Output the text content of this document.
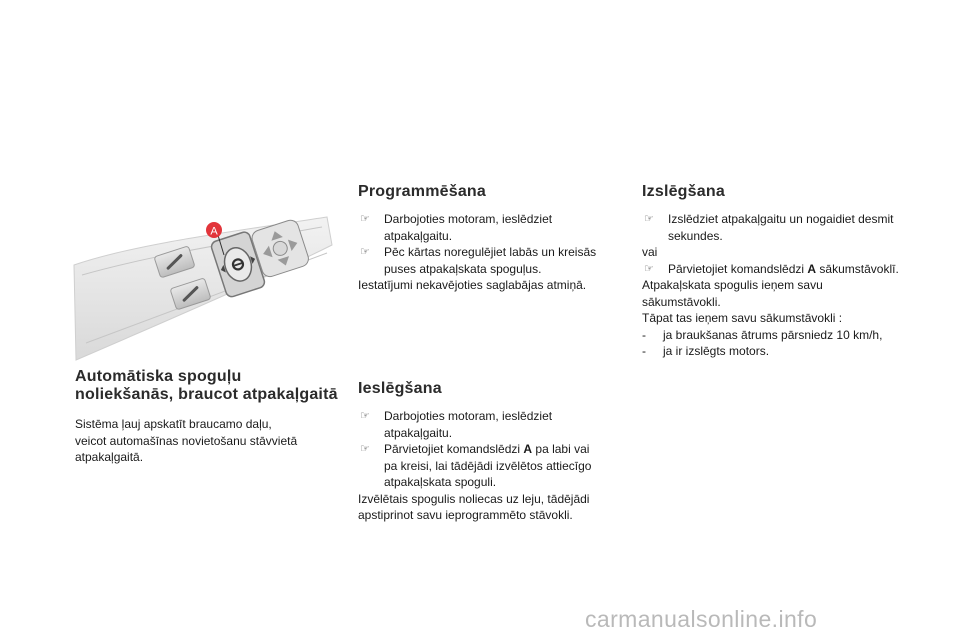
A
Automātiska spoguļu
noliekšanās, braucot atpakaļgaitā

Sistēma ļauj apskatīt braucamo daļu,
veicot automašīnas novietošanu stāvvietā
atpakaļgaitā.

Programmēšana
☞ Darbojoties motoram, ieslēdziet
atpakaļgaitu.
☞ Pēc kārtas noregulējiet labās un kreisās
puses atpakaļskata spoguļus.

Iestatījumi nekavējoties saglabājas atmiņā.

Ieslēgšana
☞ Darbojoties motoram, ieslēdziet
atpakaļgaitu.
☞ Pārvietojiet komandslēdzi A pa labi vai
pa kreisi, lai tādējādi izvēlētos attiecīgo
atpakaļskata spoguli.

Izvēlētais spogulis noliecas uz leju, tādējādi
apstiprinot savu ieprogrammēto stāvokli.

Izslēgšana
☞ Izslēdziet atpakaļgaitu un nogaidiet desmit
sekundes.

vai

☞ Pārvietojiet komandslēdzi A sākumstāvoklī.

Atpakaļskata spogulis ieņem savu
sākumstāvokli.

Tāpat tas ieņem savu sākumstāvokli :

- ja braukšanas ātrums pārsniedz 10 km/h,
- ja ir izslēgts motors.
carmanualsonline.info
